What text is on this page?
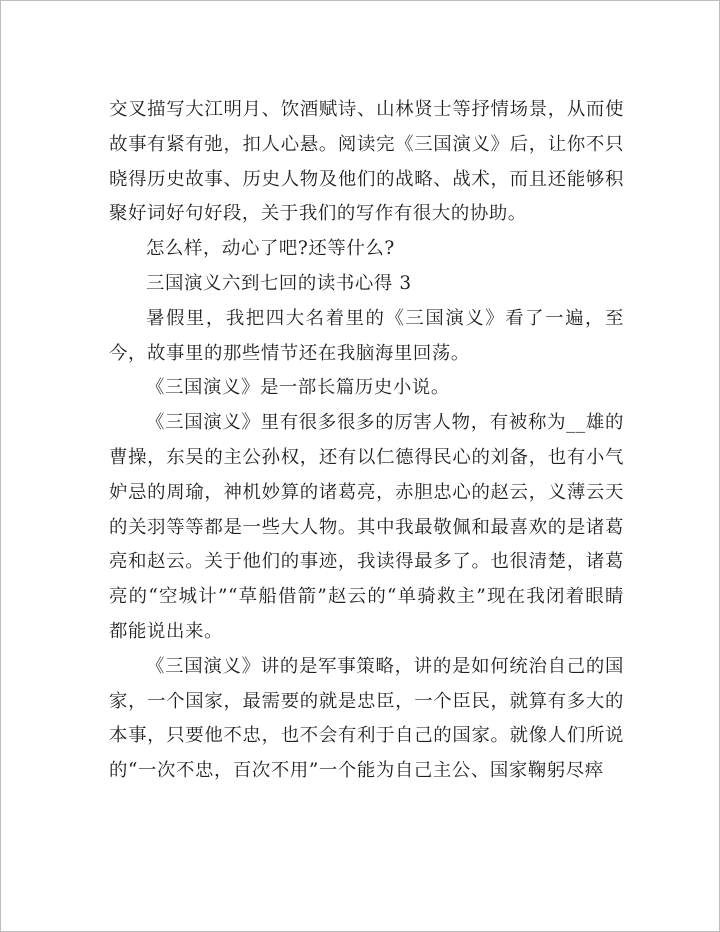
交叉描写大江明月、饮酒赋诗、山林贤士等抒情场景，从而使故事有紧有弛，扣人心悬。阅读完《三国演义》后，让你不只晓得历史故事、历史人物及他们的战略、战术，而且还能够积聚好词好句好段，关于我们的写作有很大的协助。

怎么样，动心了吧?还等什么?

三国演义六到七回的读书心得 3

暑假里，我把四大名着里的《三国演义》看了一遍，至今，故事里的那些情节还在我脑海里回荡。

《三国演义》是一部长篇历史小说。

《三国演义》里有很多很多的厉害人物，有被称为__雄的曹操，东吴的主公孙权，还有以仁德得民心的刘备，也有小气妒忌的周瑜，神机妙算的诸葛亮，赤胆忠心的赵云，义薄云天的关羽等等都是一些大人物。其中我最敬佩和最喜欢的是诸葛亮和赵云。关于他们的事迹，我读得最多了。也很清楚，诸葛亮的“空城计”“草船借箭”赵云的“单骑救主”现在我闭着眼睛都能说出来。

《三国演义》讲的是军事策略，讲的是如何统治自己的国家，一个国家，最需要的就是忠臣，一个臣民，就算有多大的本事，只要他不忠，也不会有利于自己的国家。就像人们所说的“一次不忠，百次不用”一个能为自己主公、国家鞠躬尽瘁
